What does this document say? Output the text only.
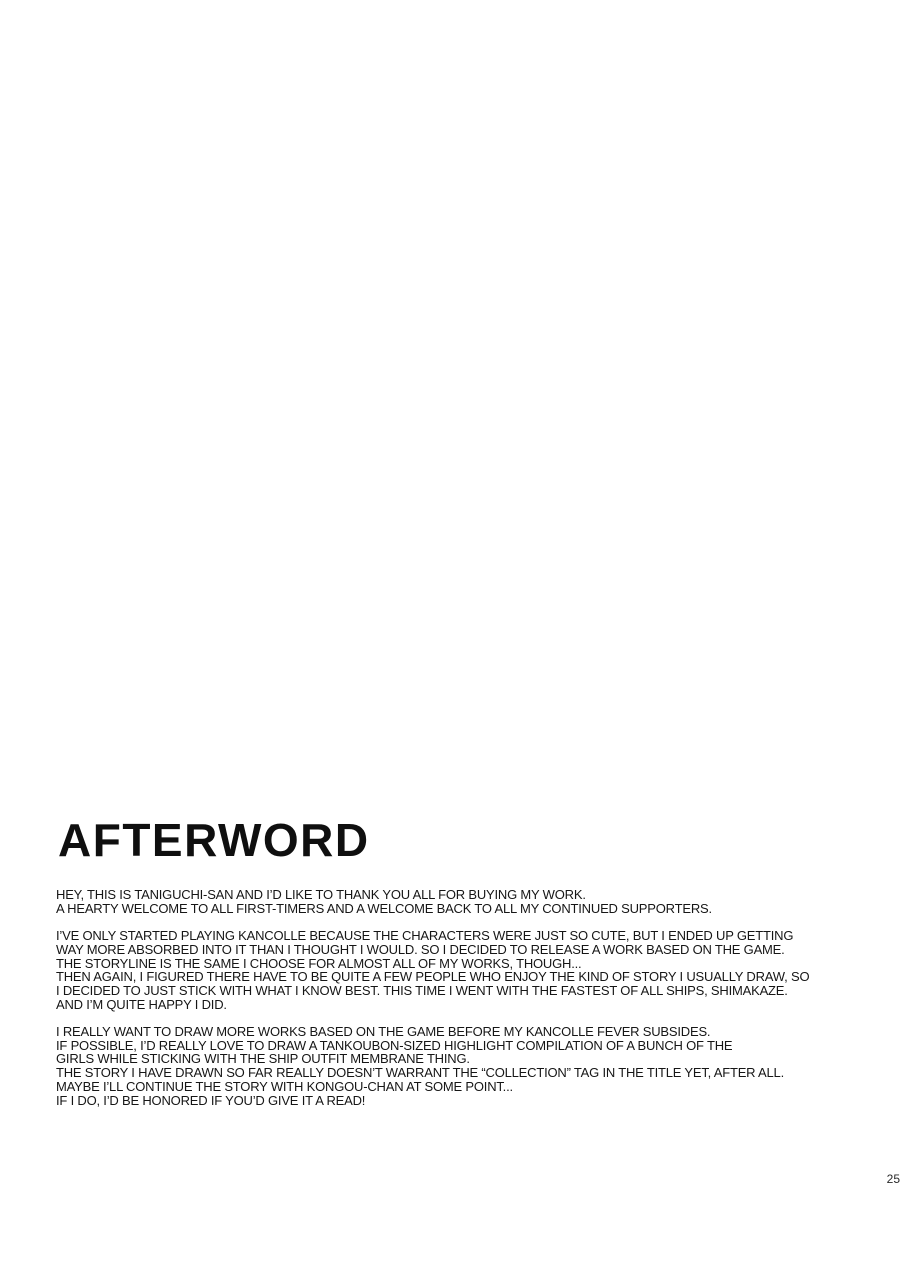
AFTERWORD
HEY, THIS IS TANIGUCHI-SAN AND I’D LIKE TO THANK YOU ALL FOR BUYING MY WORK.
A HEARTY WELCOME TO ALL FIRST-TIMERS AND A WELCOME BACK TO ALL MY CONTINUED SUPPORTERS.
I’VE ONLY STARTED PLAYING KANCOLLE BECAUSE THE CHARACTERS WERE JUST SO CUTE, BUT I ENDED UP GETTING
WAY MORE ABSORBED INTO IT THAN I THOUGHT I WOULD. SO I DECIDED TO RELEASE A WORK BASED ON THE GAME.
THE STORYLINE IS THE SAME I CHOOSE FOR ALMOST ALL OF MY WORKS, THOUGH...
THEN AGAIN, I FIGURED THERE HAVE TO BE QUITE A FEW PEOPLE WHO ENJOY THE KIND OF STORY I USUALLY DRAW, SO
I DECIDED TO JUST STICK WITH WHAT I KNOW BEST. THIS TIME I WENT WITH THE FASTEST OF ALL SHIPS, SHIMAKAZE.
AND I’M QUITE HAPPY I DID.
I REALLY WANT TO DRAW MORE WORKS BASED ON THE GAME BEFORE MY KANCOLLE FEVER SUBSIDES.
IF POSSIBLE, I’D REALLY LOVE TO DRAW A TANKOUBON-SIZED HIGHLIGHT COMPILATION OF A BUNCH OF THE
GIRLS WHILE STICKING WITH THE SHIP OUTFIT MEMBRANE THING.
THE STORY I HAVE DRAWN SO FAR REALLY DOESN’T WARRANT THE “COLLECTION” TAG IN THE TITLE YET, AFTER ALL.
MAYBE I’LL CONTINUE THE STORY WITH KONGOU-CHAN AT SOME POINT...
IF I DO, I’D BE HONORED IF YOU’D GIVE IT A READ!
25
